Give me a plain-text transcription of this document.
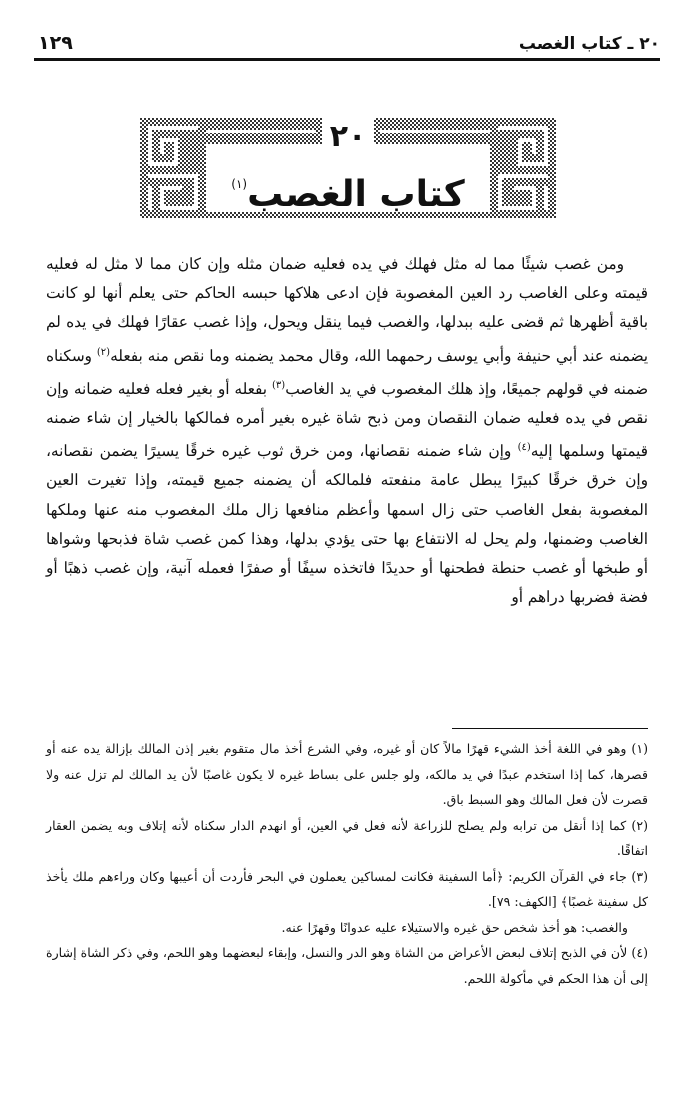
٢٠ ـ كتاب الغصب
١٢٩
٢٠
كتاب الغصب$^{(١)}$

ومن غصب شيئًا مما له مثل فهلك في يده فعليه ضمان مثله وإن كان مما لا مثل له فعليه قيمته وعلى الغاصب رد العين المغصوبة فإن ادعى هلاكها حبسه الحاكم حتى يعلم أنها لو كانت باقية أظهرها ثم قضى عليه ببدلها، والغصب فيما ينقل ويحول، وإذا غصب عقارًا فهلك في يده لم يضمنه عند أبي حنيفة وأبي يوسف رحمهما الله، وقال محمد يضمنه وما نقص منه بفعله$^{(٢)}$ وسكناه ضمنه في قولهم جميعًا، وإذ هلك المغصوب في يد الغاصب$^{(٣)}$ بفعله أو بغير فعله فعليه ضمانه وإن نقص في يده فعليه ضمان النقصان ومن ذبح شاة غيره بغير أمره فمالكها بالخيار إن شاء ضمنه قيمتها وسلمها إليه$^{(٤)}$ وإن شاء ضمنه نقصانها، ومن خرق ثوب غيره خرقًا يسيرًا يضمن نقصانه، وإن خرق خرقًا كبيرًا يبطل عامة منفعته فلمالكه أن يضمنه جميع قيمته، وإذا تغيرت العين المغصوبة بفعل الغاصب حتى زال اسمها وأعظم منافعها زال ملك المغصوب منه عنها وملكها الغاصب وضمنها، ولم يحل له الانتفاع بها حتى يؤدي بدلها، وهذا كمن غصب شاة فذبحها وشواها أو طبخها أو غصب حنطة فطحنها أو حديدًا فاتخذه سيفًا أو صفرًا فعمله آنية، وإن غصب ذهبًا أو فضة فضربها دراهم أو

(١) وهو في اللغة أخذ الشيء قهرًا مالاً كان أو غيره، وفي الشرع أخذ مال متقوم بغير إذن المالك بإزالة يده عنه أو قصرها، كما إذا استخدم عبدًا في يد مالكه، ولو جلس على بساط غيره لا يكون غاصبًا لأن يد المالك لم تزل عنه ولا قصرت لأن فعل المالك وهو السبط باق.

(٢) كما إذا أنقل من ترابه ولم يصلح للزراعة لأنه فعل في العين، أو انهدم الدار سكناه لأنه إتلاف وبه يضمن العقار اتفاقًا.

(٣) جاء في القرآن الكريم: ﴿أما السفينة فكانت لمساكين يعملون في البحر فأردت أن أعيبها وكان وراءهم ملك يأخذ كل سفينة غصبًا﴾ [الكهف: ٧٩].

والغصب: هو أخذ شخص حق غيره والاستيلاء عليه عدوانًا وقهرًا عنه.

(٤) لأن في الذبح إتلاف لبعض الأعراض من الشاة وهو الدر والنسل، وإبقاء لبعضهما وهو اللحم، وفي ذكر الشاة إشارة إلى أن هذا الحكم في مأكولة اللحم.
